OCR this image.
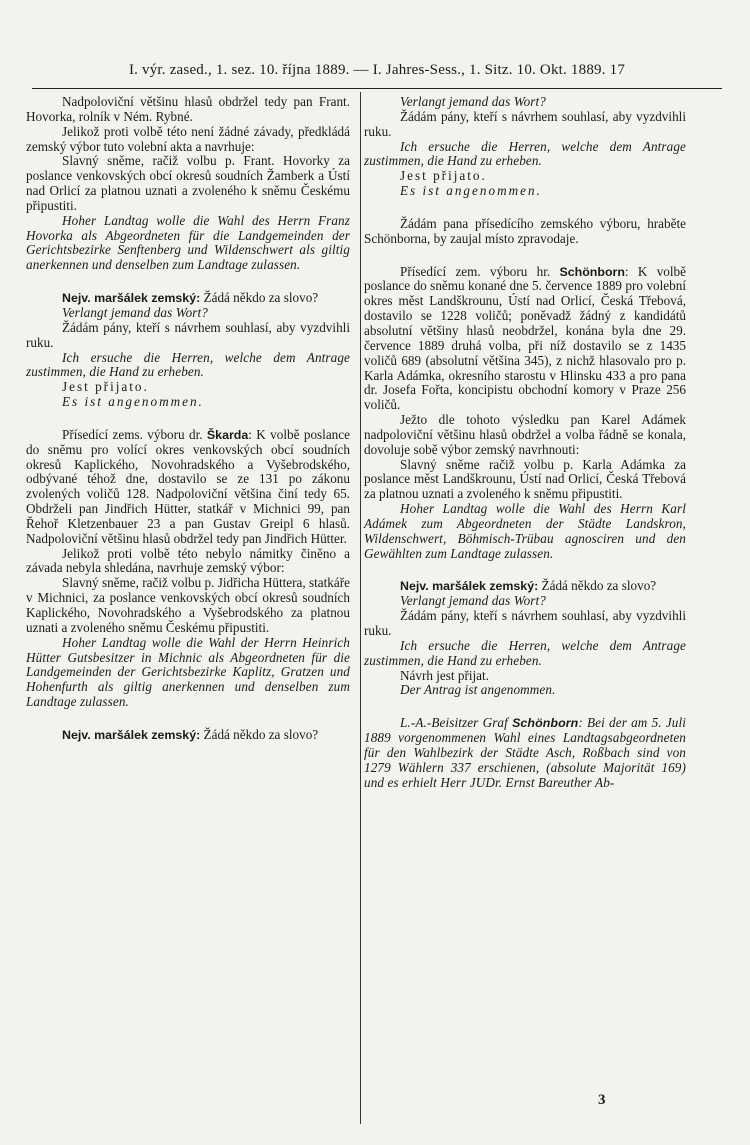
I. výr. zased., 1. sez. 10. října 1889. — I. Jahres-Sess., 1. Sitz. 10. Okt. 1889. 17

Nadpoloviční většinu hlasů obdržel tedy pan Frant. Hovorka, rolník v Ném. Rybné.

Jelikož proti volbě této není žádné závady, předkládá zemský výbor tuto volební akta a navrhuje:

Slavný sněme, račiž volbu p. Frant. Hovorky za poslance venkovských obcí okresů soudních Žamberk a Ústí nad Orlicí za platnou uznati a zvoleného k sněmu Českému připustiti.

Hoher Landtag wolle die Wahl des Herrn Franz Hovorka als Abgeordneten für die Landgemeinden der Gerichtsbezirke Senftenberg und Wildenschwert als giltig anerkennen und denselben zum Landtage zulassen.

Nejv. maršálek zemský: Žádá někdo za slovo?

Verlangt jemand das Wort?

Žádám pány, kteří s návrhem souhlasí, aby vyzdvihli ruku.

Ich ersuche die Herren, welche dem Antrage zustimmen, die Hand zu erheben.

Jest přijato.

Es ist angenommen.

Přísedící zems. výboru dr. Škarda: K volbě poslance do sněmu pro volící okres venkovských obcí soudních okresů Kaplického, Novohradského a Vyšebrodského, odbývané téhož dne, dostavilo se ze 131 po zákonu zvolených voličů 128. Nadpoloviční většina činí tedy 65. Obdrželi pan Jindřich Hütter, statkář v Michnici 99, pan Řehoř Kletzenbauer 23 a pan Gustav Greipl 6 hlasů. Nadpoloviční většinu hlasů obdržel tedy pan Jindřich Hütter.

Jelikož proti volbě této nebylo námitky činěno a závada nebyla shledána, navrhuje zemský výbor:

Slavný sněme, račiž volbu p. Jidřicha Hüttera, statkáře v Michnici, za poslance venkovských obcí okresů soudních Kaplického, Novohradského a Vyšebrodského za platnou uznati a zvoleného sněmu Českému připustiti.

Hoher Landtag wolle die Wahl der Herrn Heinrich Hütter Gutsbesitzer in Michnic als Abgeordneten für die Landgemeinden der Gerichtsbezirke Kaplitz, Gratzen und Hohenfurth als giltig anerkennen und denselben zum Landtage zulassen.

Nejv. maršálek zemský: Žádá někdo za slovo?

Verlangt jemand das Wort?

Žádám pány, kteří s návrhem souhlasí, aby vyzdvihli ruku.

Ich ersuche die Herren, welche dem Antrage zustimmen, die Hand zu erheben.

Jest přijato.

Es ist angenommen.

Žádám pana přísedícího zemského výboru, hraběte Schönborna, by zaujal místo zpravodaje.

Přísedící zem. výboru hr. Schönborn: K volbě poslance do sněmu konané dne 5. července 1889 pro volební okres měst Landškrounu, Ústí nad Orlicí, Česká Třebová, dostavilo se 1228 voličů; poněvadž žádný z kandidátů absolutní většiny hlasů neobdržel, konána byla dne 29. července 1889 druhá volba, při níž dostavilo se z 1435 voličů 689 (absolutní většina 345), z nichž hlasovalo pro p. Karla Adámka, okresního starostu v Hlinsku 433 a pro pana dr. Josefa Fořta, koncipistu obchodní komory v Praze 256 voličů.

Ježto dle tohoto výsledku pan Karel Adámek nadpoloviční většinu hlasů obdržel a volba řádně se konala, dovoluje sobě výbor zemský navrhnouti:

Slavný sněme račiž volbu p. Karla Adámka za poslance měst Landškrounu, Ústí nad Orlicí, Česká Třebová za platnou uznati a zvoleného k sněmu připustiti.

Hoher Landtag wolle die Wahl des Herrn Karl Adámek zum Abgeordneten der Städte Landskron, Wildenschwert, Böhmisch-Trübau agnosciren und den Gewählten zum Landtage zulassen.

Nejv. maršálek zemský: Žádá někdo za slovo?

Verlangt jemand das Wort?

Žádám pány, kteří s návrhem souhlasí, aby vyzdvihli ruku.

Ich ersuche die Herren, welche dem Antrage zustimmen, die Hand zu erheben.

Návrh jest přijat.

Der Antrag ist angenommen.

L.-A.-Beisitzer Graf Schönborn: Bei der am 5. Juli 1889 vorgenommenen Wahl eines Landtagsabgeordneten für den Wahlbezirk der Städte Asch, Roßbach sind von 1279 Wählern 337 erschienen, (absolute Majorität 169) und es erhielt Herr JUDr. Ernst Bareuther Ab-

3
